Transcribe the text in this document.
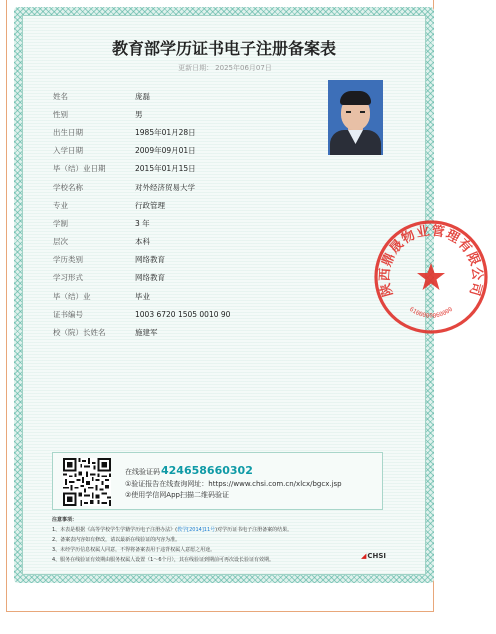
教育部学历证书电子注册备案表
更新日期： 2025年06月07日
姓名	庞磊
性别	男
出生日期	1985年01月28日
入学日期	2009年09月01日
毕（结）业日期	2015年01月15日
学校名称	对外经济贸易大学
专业	行政管理
学制	3 年
层次	本科
学历类别	网络教育
学习形式	网络教育
毕（结）业	毕业
证书编号	1003 6720 1505 0010 90
校（院）长姓名	施建军
在线验证码424658660302
①验证报告在线查询网址：https://www.chsi.com.cn/xlcx/bgcx.jsp
②使用学信网App扫描二维码验证
注意事项：
1、本表是根据《高等学校学生学籍学历电子注册办法》(教学[2014]11号)对学历证书电子注册备案的结果。
2、备案表内容如有修改，请以最新在线验证的内容为准。
3、未经学历信息权属人同意，不得将备案表用于违背权属人意愿之用途。
4、服务在线验证有效期由服务权属人设置（1～6个月），其在线验证到期前可再次设长验证有效期。	◢CHSI
陕西鼎晟物业管理有限公司
6100000060000
